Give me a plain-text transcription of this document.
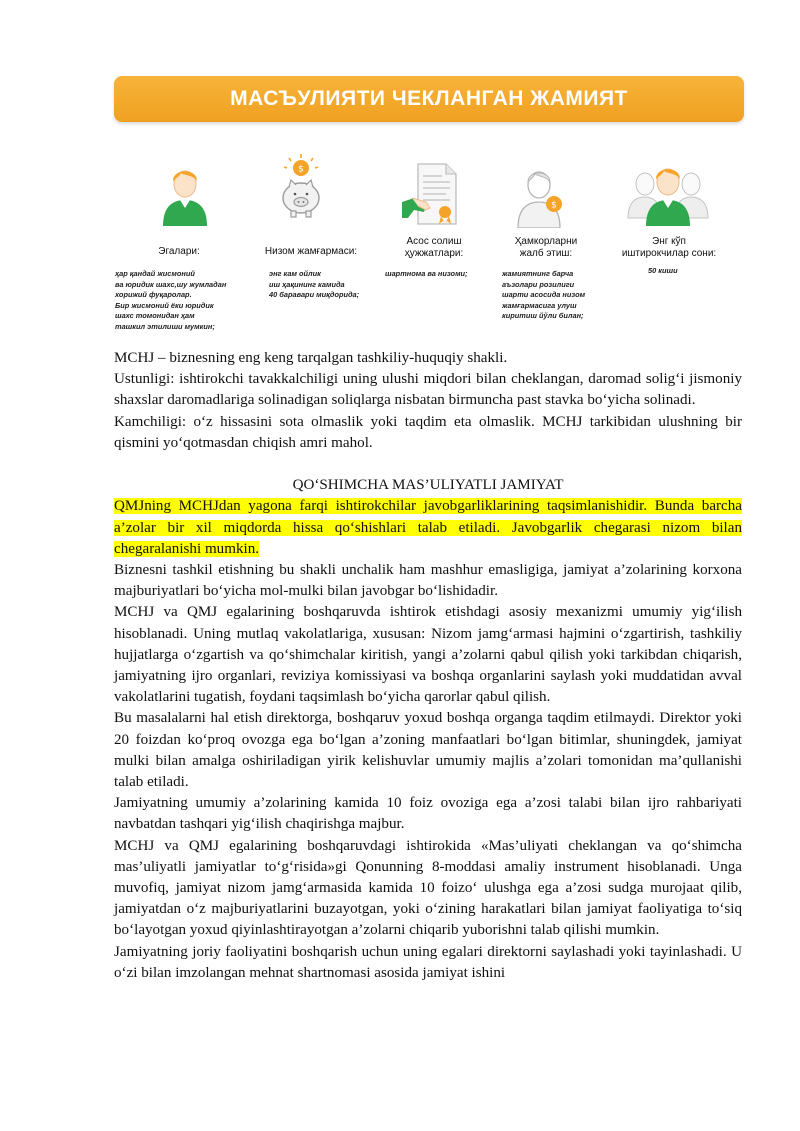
МАСЪУЛИЯТИ ЧЕКЛАНГАН ЖАМИЯТ
$
$
Эгалари:	Низом жамғармаси:
Асос солиш
ҳужжатлари:
Ҳамкорларни
жалб этиш:
Энг кўп
иштирокчилар сони:
ҳар қандай жисмоний
ва юридик шахс,шу жумладан
хорижий фуқаролар.
Бир жисмоний ёки юридик
шахс томонидан ҳам
ташкил этилиши мумкин;
энг кам ойлик
иш ҳақининг камида
40 баравари миқдорида;
шартнома ва низоми;	жамиятнинг барча
аъзолари розилиги
шарти асосида низом
жамғармасига улуш
киритиш йўли билан;
50 киши

MCHJ – biznesning eng keng tarqalgan tashkiliy-huquqiy shakli.

Ustunligi: ishtirokchi tavakkalchiligi uning ulushi miqdori bilan cheklangan, daromad solig‘i jismoniy shaxslar daromadlariga solinadigan soliqlarga nisbatan birmuncha past stavka bo‘yicha solinadi.

Kamchiligi: o‘z hissasini sota olmaslik yoki taqdim eta olmaslik. MCHJ tarkibidan ulushning bir qismini yo‘qotmasdan chiqish amri mahol.

QO‘SHIMCHA MAS’ULIYATLI JAMIYAT

QMJning MCHJdan yagona farqi ishtirokchilar javobgarliklarining taqsimlanishidir. Bunda barcha a’zolar bir xil miqdorda hissa qo‘shishlari talab etiladi. Javobgarlik chegarasi nizom bilan chegaralanishi mumkin.

Biznesni tashkil etishning bu shakli unchalik ham mashhur emasligiga, jamiyat a’zolarining korxona majburiyatlari bo‘yicha mol-mulki bilan javobgar bo‘lishidadir.

MCHJ va QMJ egalarining boshqaruvda ishtirok etishdagi asosiy mexanizmi umumiy yig‘ilish hisoblanadi. Uning mutlaq vakolatlariga, xususan: Nizom jamg‘armasi hajmini o‘zgartirish, tashkiliy hujjatlarga o‘zgartish va qo‘shimchalar kiritish, yangi a’zolarni qabul qilish yoki tarkibdan chiqarish, jamiyatning ijro organlari, reviziya komissiyasi va boshqa organlarini saylash yoki muddatidan avval vakolatlarini tugatish, foydani taqsimlash bo‘yicha qarorlar qabul qilish.

Bu masalalarni hal etish direktorga, boshqaruv yoxud boshqa organga taqdim etilmaydi. Direktor yoki 20 foizdan ko‘proq ovozga ega bo‘lgan a’zoning manfaatlari bo‘lgan bitimlar, shuningdek, jamiyat mulki bilan amalga oshiriladigan yirik kelishuvlar umumiy majlis a’zolari tomonidan ma’qullanishi talab etiladi.

Jamiyatning umumiy a’zolarining kamida 10 foiz ovoziga ega a’zosi talabi bilan ijro rahbariyati navbatdan tashqari yig‘ilish chaqirishga majbur.

MCHJ va QMJ egalarining boshqaruvdagi ishtirokida «Mas’uliyati cheklangan va qo‘shimcha mas’uliyatli jamiyatlar to‘g‘risida»gi Qonunning 8-moddasi amaliy instrument hisoblanadi. Unga muvofiq, jamiyat nizom jamg‘armasida kamida 10 foizo‘ ulushga ega a’zosi sudga murojaat qilib, jamiyatdan o‘z majburiyatlarini buzayotgan, yoki o‘zining harakatlari bilan jamiyat faoliyatiga to‘siq bo‘layotgan yoxud qiyinlashtirayotgan a’zolarni chiqarib yuborishni talab qilishi mumkin.

Jamiyatning joriy faoliyatini boshqarish uchun uning egalari direktorni saylashadi yoki tayinlashadi. U o‘zi bilan imzolangan mehnat shartnomasi asosida jamiyat ishini
